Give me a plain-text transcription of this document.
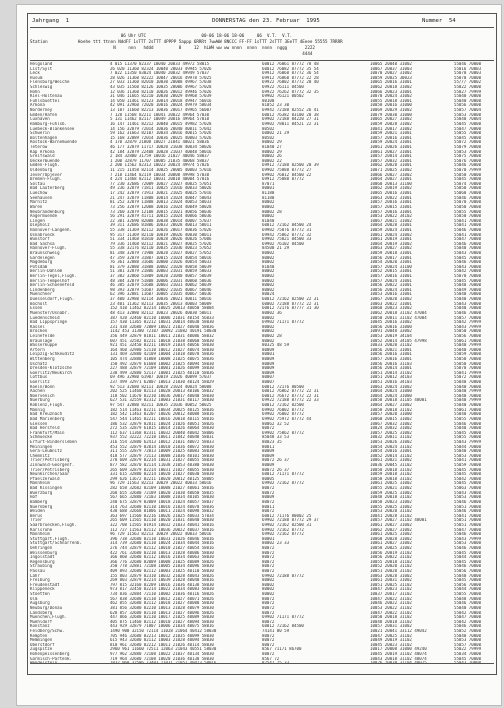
Jahrgang  1	DONNERSTAG den 23. Februar  1995	Nummer  54
06 Uhr UTC                      00-06 18-06 18-06     06  V.T.  V.T.
Station            Hoehe ttt ttnnn NddFF 1sTTT 2sTTT 4PPPP 5appp 6RRRt 7wwWW 8NCCC FF-FF 1sTTT 2sTTT 3EeTT 4Eeee 55555 7RRRR
N     nnn   hddd          8     12  hLWH ww ww nnnn  nnnn  nnnn  nggg       2222
4444
Helgoland	4 015 11370 82337 10040 20033 49972 58015	60012 76061 87772 78 48	10065 20040 31002	55046 70000
List/Sylt	26 020 11360 82324 10040 20033 49945 57026	60012 76082 87772 35 54	10067 20037 31003	55016 70003
Leck	7 022 11350 83024 10040 20032 49949 57037	69912 76068 87772 36 54	10070 20027 31002	55070 70003
Husum	28 026 11360 82222 10047 20016 49978 57025	69912 76860 87772 22 28	10059 20025 30023	55070 70000
Flensburg/Weiche	27 033 11360 82010 10030 20008 49967 57038	69922 76002 87772 20 40	10065 20016 31001	55/// 70002
Schleswig	43 035 11560 82126 10035 20006 49967 57028	69922 76111 84500	10062 20018 31002	55022 70000
Hohn	12 036 11360 82110 10026 20012 49946 57026	69922 76262 87772 32 35	10066 20023 31001	55027 79999
Kiel-Holtenau	31 046 11665 82210 10030 20029 49968 57039	69902 76121 80502	10070 20024 31002	55040 70000
Fuhlsbuettel	14 050 11461 82123 10014 20018 49947 56016	80100	10055 20018 31001	55040 70000
Arkona	42 091 32960 72020 10016 20024 49979 58034	81052 23 30	10058 20016 31000	55056 70000
Norderney	13 107 11660 82213 10036 20017 49965 56007	69942 72188 82552 26 41	10069 20029 31002	55057 70004
Emden/Hafen	7 128 11568 82211 10041 20022 49964 57030	60012 76382 83100 20 38	10079 20030 31000	55053 70000
Cuxhaven	5 131 11462 82117 10049 20016 49964 57010	69902 72188 84220 27 31	10065 20027 31002	55040 70004
Hamburg-Fuhlsb.	16 147 11461 82212 10040 20015 49982 57028	69902 78011 84521 22 31	10059 20028 31002	55045 70000
Luebeck-Blankensee	14 156 32879 72014 10036 20040 40011 57042	80502	10041 20017 31002	55047 70000
Schwerin	59 162 31663 82107 10034 20016 40015 57026	60002 21 29	10059 20021 31001	55055 70000
Boltenhagen	15 168 32889 72014 10036 20025 40003 57026	80502	10057 20016 31001	55045 70000
Rostock-Warnemuende	4 170 32879 21808 10027 21041 40021 58036	80002 29	10059 20024 31001	55072 70000
Teterow	46 177 32879 11717 10020 21038 40034 58026	81040 27	10061 20026 31001	55079 70000
Kap Arkona	42 184 32879 22408 10028 21037 40048 58016	80002 29	10061 20027 31001	55053 70000
Greifswald	2 184 32880 31759 10016 21027 40046 58037	80002 26	10057 20014 31001	55075 70000
Ueckermuende	1 200 32879 11707 10005 21035 40068 58037	80002 22	10057 20032 31001	55076 70000
Emden-Flugh.	2 200 11562 82313 10023 20024 49974 57026	69912 72188 82500 20 39	10062 20028 31001	55046 70000
Oldenburg	11 215 11458 82114 10025 20005 40003 57016	69902 75888 87772 27	10071 20025 31002	55070 79999
Jever/Upjever	7 218 11464 82119 10034 20008 49998 57030	69902 76012 84500 22	10066 20027 31002	55050 70000
Bremen-Flugh.	4 224 11468 82112 10031 20010 40004 57016	69912 75888 87772	10064 20027 31001	55045 70000
Soltau	77 230 32686 72009 10027 21027 40025 57051	87071	10060 20013 31100	55074 70000
Bad Lauterberg	49 236 32879 71811 10025 21016 40033 58026	80001	10062 20019 31002	55050 70000
Luechow	17 242 32879 71913 10021 21025 40025 57016	81180	10065 20016 31001	55060 70000
Seehausen	21 247 32879 11808 10014 21024 40047 58043	81180	10063 20022 31001	55046 70000
Marnitz	81 252 32879 11808 10013 21024 40053 58033	80002	10057 20016 31001	55070 70000
Waren	73 256 32879 12008 10016 21024 40049 58028	80002	10057 20015 31001	55050 70000
Neubrandenburg	73 260 32879 12108 10015 21021 40056 58036	80002 28	10057 20016 31001	55055 70000
Angermuende	56 291 32879 41711 10015 21024 40066 58036	80002	10053 20022 34102	55050 70000
Lingen	22 301 32690 82008 10038 20014 40007 57037	81040	10067 20021 31002	55041 70000
Diepholz	39 311 32686 81806 10033 20028 40013 58011	60012 72162 84500 24	10064 20028 31001	55041 70000
Hannover-Langenh.	55 338 11369 82112 10026 20017 40036 57026	69902 75876 87772 31	10059 20024 31001	55046 70000
Osnabrueck	95 317 11369 82110 10019 20026 40030 58011	69942 75862 87772 32	10061 20024 31002	55041 70000
Wunstorf	51 334 11468 81810 10028 20026 40026 57006	69902 75821 84500 33	10061 20019 31001	55047 70000
Bad Sachsa	79 336 11468 82112 10021 20027 40025 57026	69902 76102 84500	10064 20019 31002	55046 70000
Hannover-Flugh.	55 338 32176 82110 10035 21036 40023 57052	84500 21 29	10063 20027 31002	55040 70000
Braunschweig	81 348 32879 71908 10028 21027 40027 57052	80002	10059 20018 31001	55043 70000
Gardelegen	47 359 32879 31807 10015 21024 40054 58016	80002	10056 20017 31001	55045 70000
Magdeburg	76 361 32888 31606 10000 21026 40054 58033	80002	10054 20020 31001	55046 70000
Potsdam	81 379 32880 31808 10002 21028 40058 58039	81040	10057 20024 31100	55043 70000
Berlin-Dahlem	51 381 32879 21806 10003 21031 40059 58033	80002	10052 20015 31001	55042 70000
Berlin-Tegel,Flugh.	37 382 32860 51809 10020 21040 40057 58039	80002	10057 20016 31001	55070 70000
Berlin-Tempelhof	48 384 32879 51808 10006 21031 40060 58036	80002	10057 20024 31001	55045 70000
Berlin-Schoenefeld	46 385 32879 51608 10003 21031 40062 58039	80002	10056 20022 31001	55040 70000
Lindenberg	98 393 32879 51607 10002 21035 40067 58046	80002	10056 20024 31001	55049 70000
Muenchner	62 396 32881 11607 10005 21035 40067 58036	80024	10053 20016 31001	55040 70000
Duesseldorf,Flugh.	37 400 32980 82114 10036 20021 40011 58016	60012 72162 82500 22 31	10067 20020 31002	55040 70000
Bocholt	23 401 11362 82113 10035 20013 40003 58009	60002 72188 87772 22 31	10063 20022 31001	55043 70000
Essen	152 410 11462 82214 10025 20013 40050 58004	60012 72176 87777 31 30	10060 20023 31002	55040 70000
Muenster/Osnabr.	48 413 32880 82112 10023 20026 40030 58011	80002 36	10062 20018 31102 47004	55046 70000
Luedenscheid	387 420 32460 82110 10006 21031 40154 56033	80002	10050 20011 31102 47004	55057 70000
Bad Lippspringe	157 430 11365 82212 10031 20014 40030 58030	69902 71171 87772	10045 20016 31002	55042 79999
Kassel	231 438 32680 72009 10021 21027 40040 58036	80002	10056 20016 31000	55043 79999
Brocken	1142 453 31380 72107 10092 21082 40191 58030	80002	10091 20048 33002	55050 70000
Leinefelde	356 449 32879 81811 10011 21031 40086 58032	80002 28	10053 20019 34104	55056 70000
Braunlage	607 451 32582 82211 10018 21038 40060 58030	80002	10052 20014 34105 47998	55061 70000
Wasserkuppe	921 451 32450 82211 10019 21034 40056 58030	80325 48 59	10033 20020 31102	55040 79999
Artern	164 460 32980 52110 10012 21027 40074 58030	80009	10056 20021 31001	55040 70000
Leipzig-Schkeuditz	131 469 32880 42109 10004 21018 40078 58036	80001	10056 20016 31001	55059 70000
Wittenberg	105 474 32880 41808 10008 21025 40075 58036	80009	10057 20016 31001	55050 70000
Oschatz	150 492 32879 61608 10002 21025 40094 58030	80009	10056 20016 31103	55050 70000
Dresden-Klotzsche	227 488 32879 72109 10001 21026 40099 58030	80009	10056 20014 31001	55070 70000
Goerlitz/Neukirch	238 499 32880 52117 10001 21025 40110 58036	80009	10051 20014 31102	55041 79999
Cottbus	69 496 32980 61907 10019 21026 40099 57037	80007	10051 20012 34103	55072 70000
Goerlitz	237 499 32971 62007 10013 21030 40124 58029	80007	10051 20016 34103	55040 70000
Koeln/Bonn	92 513 32680 82111 10028 21024 40024 58008	60012 72176 80500	10063 20024 31002	55040 70000
Aachen	202 525 11460 82113 10028 20013 40106 58032	60012 76862 87772 22 31	10064 20024 31000	55040 79999
Noervenich	118 502 11670 82210 10036 20017 40040 58030	60012 76672 87772 22 31	10064 20024 31000	55040 70000
Nuerburg	627 531 32559 82312 10003 21031 40117 58030	69922 72188 87772 22 33	10058 20018 31105 48001	55040 79999
Koblenz,Flugh.	97 547 32880 82211 10035 21036 40052 58025	60012 72162 82500	10064 20027 31002	55040 70000
Mannig	182 514 11463 82211 10034 20025 40125 58036	69902 76002 87772	10058 20018 31102	55061 70000
Bad Kreuznach	182 542 11463 82207 10026 20012 40088 58016	69902 76002 87772	10057 20020 31000	55040 70000
Bad Marienberg	547 544 11465 82211 10016 20018 40115 58016	69902 75972 87772 44	10060 20015 31002	55055 70000
Giessen	186 532 32879 82811 10024 21026 40051 58026	80062 32 52	10067 20032 31002	55046 70000
Bad Hersfeld	272 535 32879 61815 10014 21026 40064 58030	80072	10024 20032 31002	55040 70000
Frankfurt/Main	112 637 11368 82311 10032 20040 40042 58006	69902 75862 87772	10057 20025 31002	55045 70000
Schmuecke	937 552 32222 72218 10011 21042 40048 58031	85048 33 53	10032 20011 31102	55055 70000
Erfurt-Bindersleben	316 554 32880 62413 10012 21031 40072 58033	80023 35	10053 20026 31002	55043 79999
Meiningen	453 552 32879 82014 10010 21036 40072 58030	80011	10054 20024 31102	55044 70000
Gera-Leumnitz	311 555 32879 72013 10009 21025 40083 58038	80009	10054 20016 31001	55040 70000
Chemnitz	418 577 32879 72113 10008 21036 40101 58030	80009	10052 20014 31102	55053 70000
Trier/Petrisberg	278 609 32879 82214 10031 21027 40055 58030	80072 26 37	10061 20021 31002	55041 70000
Zinnwald-Georgenf.	877 582 32870 82114 11038 21053 40380 58030	80009	10036 20045 31102	55059 70000
Trier/Petrisberg	265 609 32879 82214 10031 21027 40055 58030	80072 26 37	10058 20018 31102	55045 70000
Neunkirchen/Saar	331 615 32880 82214 10020 21027 40030 58030	60012 71171 87772	10059 20018 31102	55045 70000
Pfaelzerwald	299 626 11672 82211 10020 20012 40125 58005	80005	10058 20018 31102	55042 70000
Mannheim	96 729 11563 82213 10029 20022 40033 58016	69902 72162 87772	10061 20025 31002	55045 70000
Bad Kissingen	282 658 32682 82109 10008 21027 40061 58016	80072	10055 20021 31002	55063 70000
Wuerzburg	268 655 32680 72109 10020 21030 40050 58035	80072	10059 20025 31002	55043 70000
Hof	567 665 32880 72103 10008 21034 40105 58030	80009	10048 20018 31102	55053 70000
Bamberg	240 675 32879 82009 10018 21024 40057 58037	80072	10058 20023 31002	55046 70000
Nuernberg	314 763 32680 82110 10016 21024 40078 58036	80011	10055 20025 31002	55051 70000
Weiden	438 688 32668 81806 10011 21024 40098 58032	80072	10053 20020 31102	55046 70000
Berus	363 697 11560 82216 10026 21025 40033 57034	60012 71176 80002 25	10041 20028 31102	55041 70000
Trier	265 609 11565 82110 10020 21031 40040 58030	69902 72188 87772 29 37	10057 20027 31102 48001	55051 70000
Saarbruecken,Flugh.	322 708 11565 81914 10032 21033 40041 58016	69902 72162 82500 31	10061 20027 31002	55051 70000
Karlsruhe	112 727 11563 82112 10036 20022 40037 58016	69902 72162 87772	10062 20027 31002	55047 70000
Mannheim	96 729 11563 82213 10029 20022 40033 58016	69902 72162 87772	10061 20025 31002	55046 70000
Stuttgart,Flugh.	396 738 32680 82110 10033 21026 40046 58016	80001	10060 20028 31002	55043 79999
Stuttgart/Schnarrenb.	314 739 32680 82110 10024 21034 40044 58016	80002 23 33	10061 20027 31002	55053 70000
Oehringen	276 744 32879 82112 10010 21027 40054 58016	80072	10058 20025 31002	55046 70000
Weissenburg	422 761 32680 82210 10013 21028 40086 58030	80072	10056 20019 31102	55045 70000
Ingolstadt	366 860 32680 82112 10016 21034 40063 58030	80072	10056 20022 31102	55044 70000
Regensburg	366 776 32680 82009 10008 21025 40089 58026	80072	10055 20018 31102	55045 70000
Straubing	350 778 32881 72108 10005 21034 40096 58030	80072	10052 20020 31102	55046 70000
Passau	409 893 32680 82112 10003 21025 40110 58030	80072	10051 20020 31102	55056 70000
Lahr	155 803 32879 82310 10032 21028 40043 58026	69902 72188 87772	10063 20028 31002	55040 70000
Freiburg	269 803 32879 82214 10039 21028 40040 58016	80002	10061 20031 31002	55045 70000
Freudenstadt	797 815 32160 82209 10016 21036 40138 58030	80002	10051 20025 31102	55056 70000
Klippeneck	973 817 32450 82214 10022 21034 40083 58030	80002	10047 20023 31102	55044 70000
Stoetten	734 836 32884 72110 10002 21036 40116 58026	80002	10037 20017 31102	55055 70000
Ulm	567 838 32680 82110 10012 21027 40071 58026	80072	10047 20022 31102	55048 70000
Augsburg	462 855 32680 82112 10018 21027 40080 58030	80072	10046 20022 31102	55046 70000
Neuburg/Donau	381 856 32680 82210 10013 21028 40079 58030	80072	10053 20022 31102	55040 70000
Landsberg	628 857 32680 82110 10013 21027 40096 58026	80072	10047 20022 31102	55042 70000
Muenchen,Flugh.	447 866 32680 82110 10017 21025 40089 58030	69902 71171 87772	10050 20018 31102	55047 70000
Muehldorf	405 875 11460 82112 10010 21027 40094 58030	80072	10048 20018 31102	55042 70000
Konstanz	443 929 32879 71807 10006 21034 40075 58016	60012 72162 84500	10057 20031 31002	55046 70000
Feldberg/Schw.	1490 908 32150 72114 11028 21064 40412 58030	74141 80 59	10021 20041 33112 49042	55052 70000
Kempten	705 946 32680 82213 10012 21035 40099 58030	80072	10047 20025 31102	55040 70000
Memmingen	615 943 32680 82112 10003 21028 40094 58030	80072	10049 20019 31102	55053 70000
Oberstdorf	810 961 32680 82212 10011 21026 40114 58030	80072	10045 20023 31102	55057 70000
Zugspitze	2960 961 11660 72511 12063 21043 40551 58030	8567 71171 86700	10017 20008 31000 49240	55022 79999
Hohenpeissenberg	977 962 32880 72108 10022 21037 40134 58030	80072	10045 20019 31102 48074	55034 70000
Garmisch-Partenk.	719 964 32680 72108 10020 21036 40138 58030	8567 72	10043 20018 31102 48074	55045 70000
Wendelstein	1832 968 32586 73403 11031 21051 40423 58016	82542 25 33	10026 20038 31104 48075	55043 70000
